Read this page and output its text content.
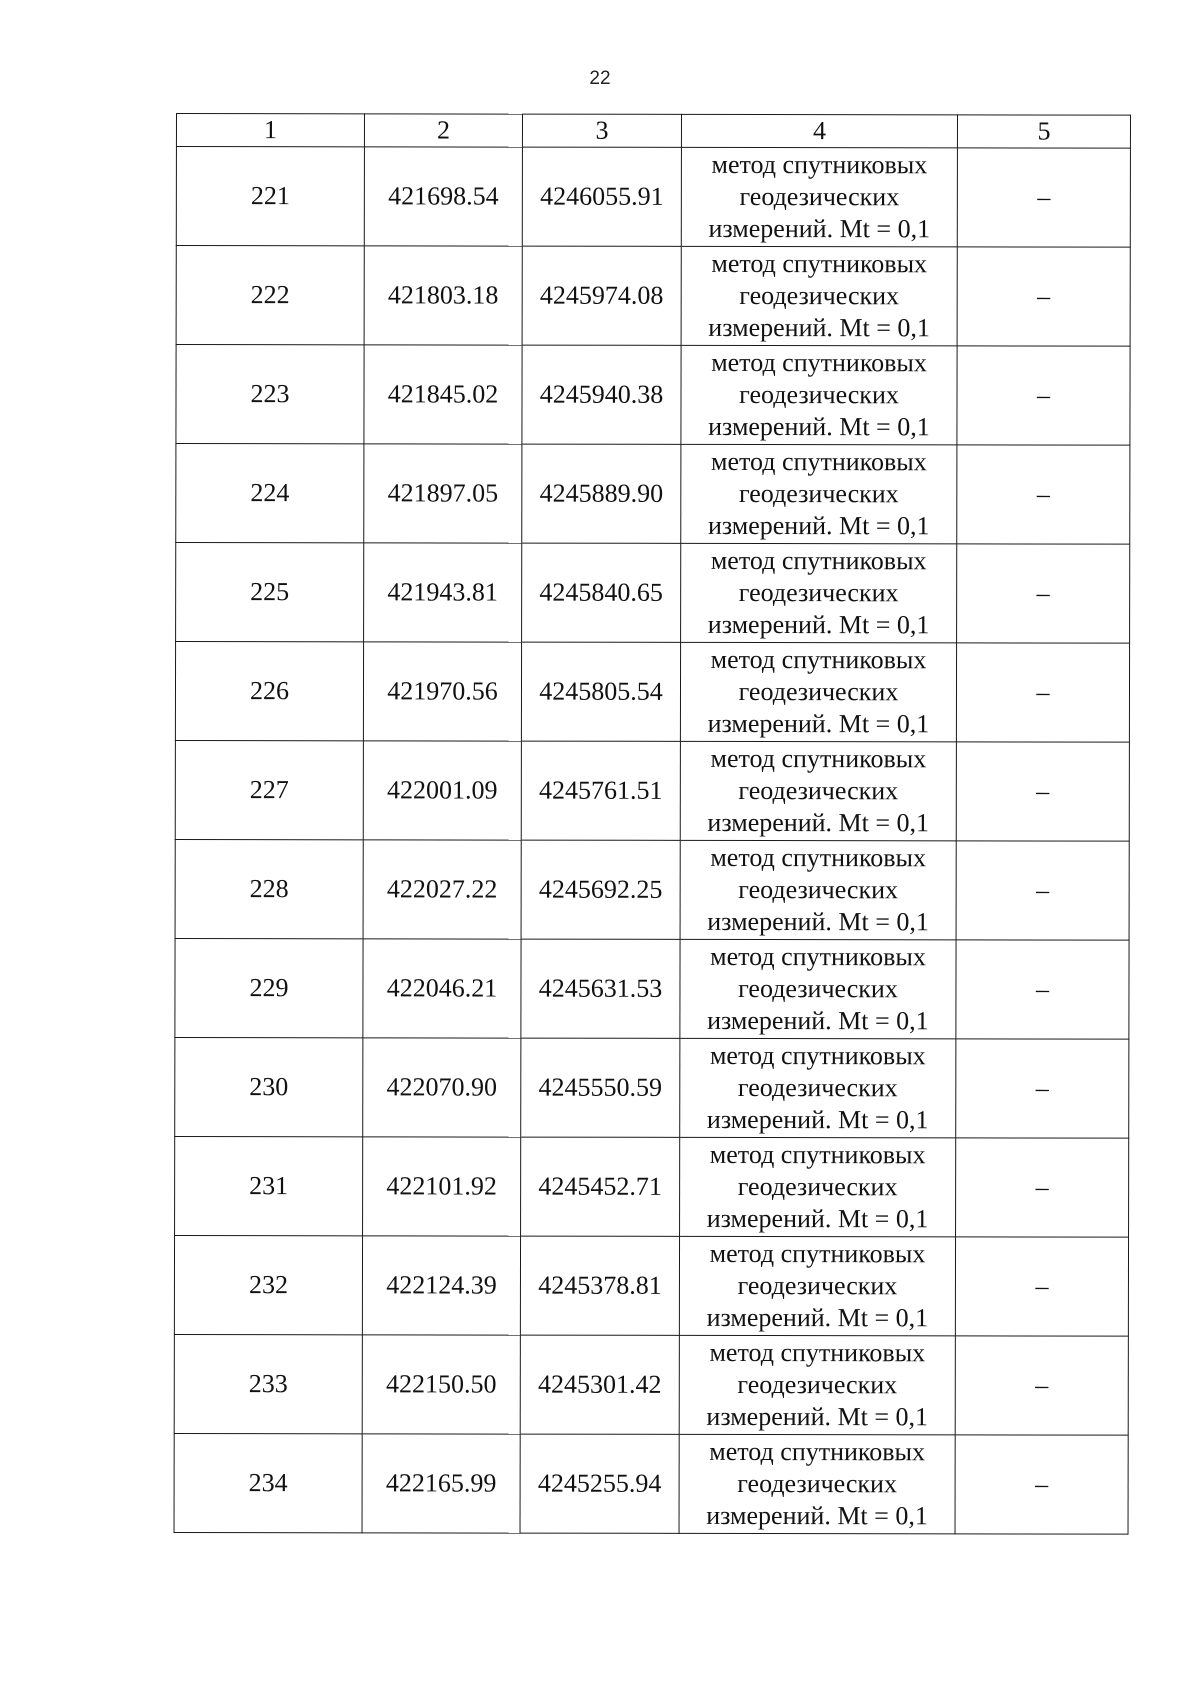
22
1	2	3	4	5
221	421698.54	4246055.91	метод спутниковых
геодезических
измерений. Mt = 0,1	–
222	421803.18	4245974.08	метод спутниковых
геодезических
измерений. Mt = 0,1	–
223	421845.02	4245940.38	метод спутниковых
геодезических
измерений. Mt = 0,1	–
224	421897.05	4245889.90	метод спутниковых
геодезических
измерений. Mt = 0,1	–
225	421943.81	4245840.65	метод спутниковых
геодезических
измерений. Mt = 0,1	–
226	421970.56	4245805.54	метод спутниковых
геодезических
измерений. Mt = 0,1	–
227	422001.09	4245761.51	метод спутниковых
геодезических
измерений. Mt = 0,1	–
228	422027.22	4245692.25	метод спутниковых
геодезических
измерений. Mt = 0,1	–
229	422046.21	4245631.53	метод спутниковых
геодезических
измерений. Mt = 0,1	–
230	422070.90	4245550.59	метод спутниковых
геодезических
измерений. Mt = 0,1	–
231	422101.92	4245452.71	метод спутниковых
геодезических
измерений. Mt = 0,1	–
232	422124.39	4245378.81	метод спутниковых
геодезических
измерений. Mt = 0,1	–
233	422150.50	4245301.42	метод спутниковых
геодезических
измерений. Mt = 0,1	–
234	422165.99	4245255.94	метод спутниковых
геодезических
измерений. Mt = 0,1	–
